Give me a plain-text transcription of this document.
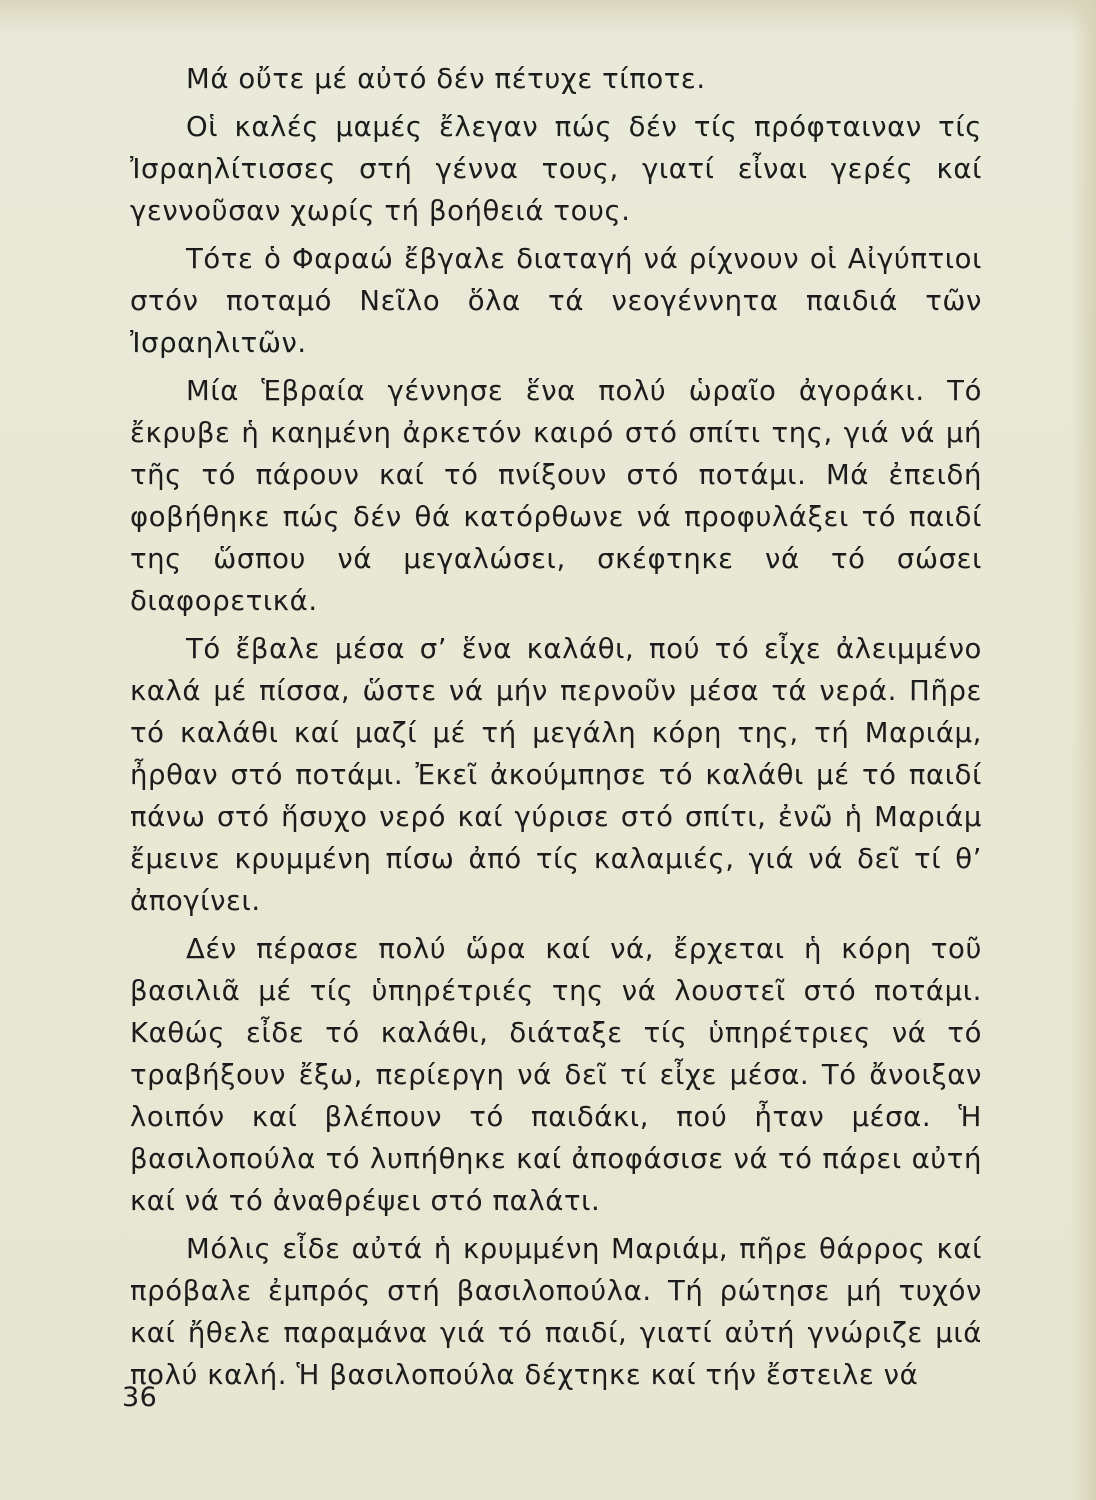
Μά οὔτε μέ αὐτό δέν πέτυχε τίποτε.

Οἱ καλές μαμές ἔλεγαν πώς δέν τίς πρόφταιναν τίς Ἰσραηλίτισσες στή γέννα τους, γιατί εἶναι γερές καί γεννοῦσαν χωρίς τή βοήθειά τους.

Τότε ὁ Φαραώ ἔβγαλε διαταγή νά ρίχνουν οἱ Αἰγύπτιοι στόν ποταμό Νεῖλο ὅλα τά νεογέννητα παιδιά τῶν Ἰσραηλιτῶν.

Μία Ἑβραία γέννησε ἕνα πολύ ὡραῖο ἀγοράκι. Τό ἔκρυβε ἡ καημένη ἀρκετόν καιρό στό σπίτι της, γιά νά μή τῆς τό πάρουν καί τό πνίξουν στό ποτάμι. Μά ἐπειδή φοβήθηκε πώς δέν θά κατόρθωνε νά προφυλάξει τό παιδί της ὥσπου νά μεγαλώσει, σκέφτηκε νά τό σώσει διαφορετικά.

Τό ἔβαλε μέσα σ’ ἕνα καλάθι, πού τό εἶχε ἀλειμμένο καλά μέ πίσσα, ὥστε νά μήν περνοῦν μέσα τά νερά. Πῆρε τό καλάθι καί μαζί μέ τή μεγάλη κόρη της, τή Μαριάμ, ἦρθαν στό ποτάμι. Ἐκεῖ ἀκούμπησε τό καλάθι μέ τό παιδί πάνω στό ἥσυχο νερό καί γύρισε στό σπίτι, ἐνῶ ἡ Μαριάμ ἔμεινε κρυμμένη πίσω ἀπό τίς καλαμιές, γιά νά δεῖ τί θ’ ἀπογίνει.

Δέν πέρασε πολύ ὥρα καί νά, ἔρχεται ἡ κόρη τοῦ βασιλιᾶ μέ τίς ὑπηρέτριές της νά λουστεῖ στό ποτάμι. Καθώς εἶδε τό καλάθι, διάταξε τίς ὑπηρέτριες νά τό τραβήξουν ἔξω, περίεργη νά δεῖ τί εἶχε μέσα. Τό ἄνοιξαν λοιπόν καί βλέπουν τό παιδάκι, πού ἦταν μέσα. Ἡ βασιλοπούλα τό λυπήθηκε καί ἀποφάσισε νά τό πάρει αὐτή καί νά τό ἀναθρέψει στό παλάτι.

Μόλις εἶδε αὐτά ἡ κρυμμένη Μαριάμ, πῆρε θάρρος καί πρόβαλε ἐμπρός στή βασιλοπούλα. Τή ρώτησε μή τυχόν καί ἤθελε παραμάνα γιά τό παιδί, γιατί αὐτή γνώριζε μιά πολύ καλή. Ἡ βασιλοπούλα δέχτηκε καί τήν ἔστειλε νά

36
